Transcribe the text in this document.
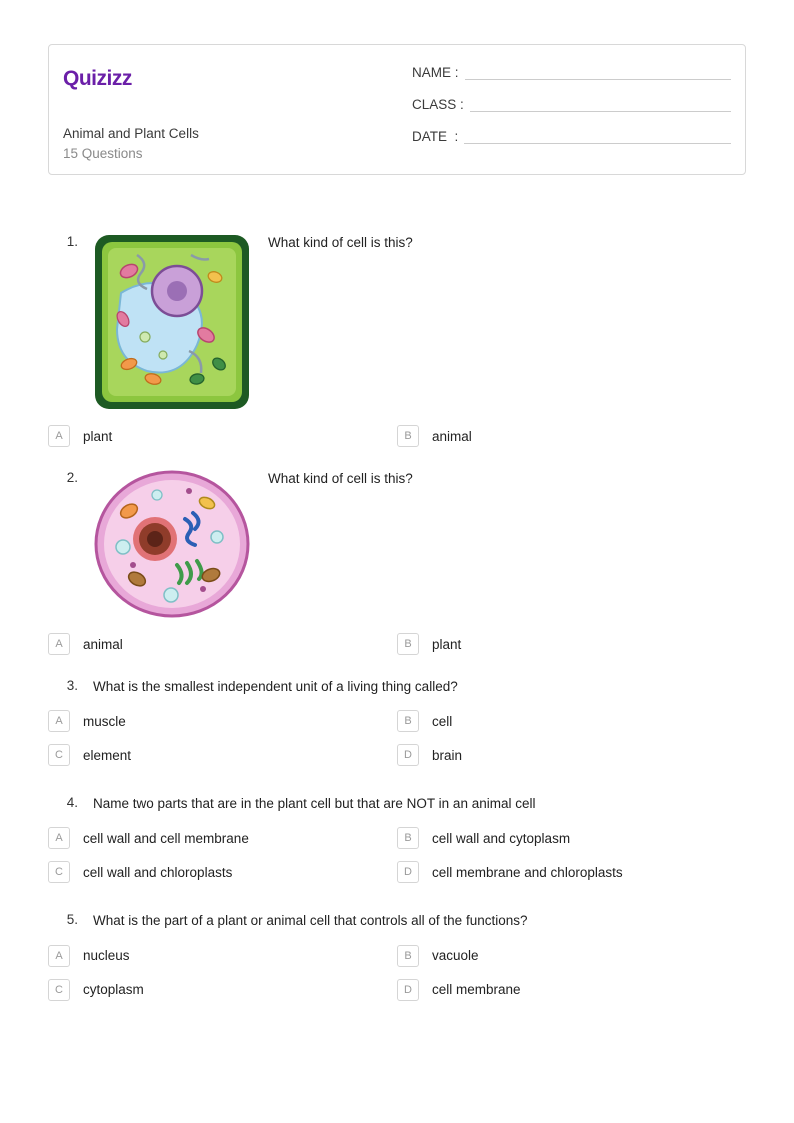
Quizizz
Animal and Plant Cells
15 Questions
NAME :
CLASS :
DATE  :
1.	What kind of cell is this?
A	plant	B	animal
2.	What kind of cell is this?
A	animal	B	plant
3. What is the smallest independent unit of a living thing called?
A	muscle	B	cell
C	element	D	brain
4. Name two parts that are in the plant cell but that are NOT in an animal cell
A	cell wall and cell membrane	B	cell wall and cytoplasm
C	cell wall and chloroplasts	D	cell membrane and chloroplasts
5. What is the part of a plant or animal cell that controls all of the functions?
A	nucleus	B	vacuole
C	cytoplasm	D	cell membrane
